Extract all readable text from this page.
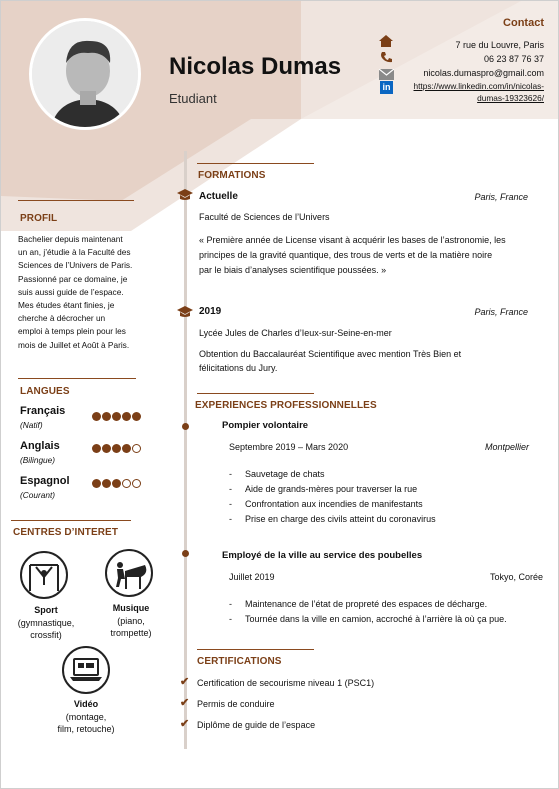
Nicolas Dumas
Etudiant
Contact
7 rue du Louvre, Paris
06 23 87 76 37
nicolas.dumaspro@gmail.com
in	https://www.linkedin.com/in/nicolas-
dumas-19323626/
PROFIL
Bachelier depuis maintenant
un an, j’étudie à la Faculté des
Sciences de l’Univers de Paris.
Passionné par ce domaine, je
suis aussi guide de l’espace.
Mes études étant finies, je
cherche à décrocher un
emploi à temps plein pour les
mois de Juillet et Août à Paris.
LANGUES
Français
(Natif)
Anglais
(Bilingue)
Espagnol
(Courant)
CENTRES D’INTERET
Sport
(gymnastique,
crossfit)
Musique
(piano,
trompette)
Vidéo
(montage,
film, retouche)
FORMATIONS
Actuelle	Paris, France
Faculté de Sciences de l’Univers
« Première année de License visant à acquérir les bases de l’astronomie, les
principes de la gravité quantique, des trous de verts et de la matière noire
par le biais d’analyses scientifique poussées. »
2019	Paris, France
Lycée Jules de Charles d’Ieux-sur-Seine-en-mer
Obtention du Baccalauréat Scientifique avec mention Très Bien et
félicitations du Jury.
EXPERIENCES PROFESSIONNELLES
Pompier volontaire
Septembre 2019 – Mars 2020	Montpellier
- Sauvetage de chats
- Aide de grands-mères pour traverser la rue
- Confrontation aux incendies de manifestants
- Prise en charge des civils atteint du coronavirus
Employé de la ville au service des poubelles
Juillet 2019	Tokyo, Corée
- Maintenance de l’état de propreté des espaces de décharge.
- Tournée dans la ville en camion, accroché à l’arrière là où ça pue.
CERTIFICATIONS
✔ Certification de secourisme niveau 1 (PSC1)
✔ Permis de conduire
✔ Diplôme de guide de l’espace
